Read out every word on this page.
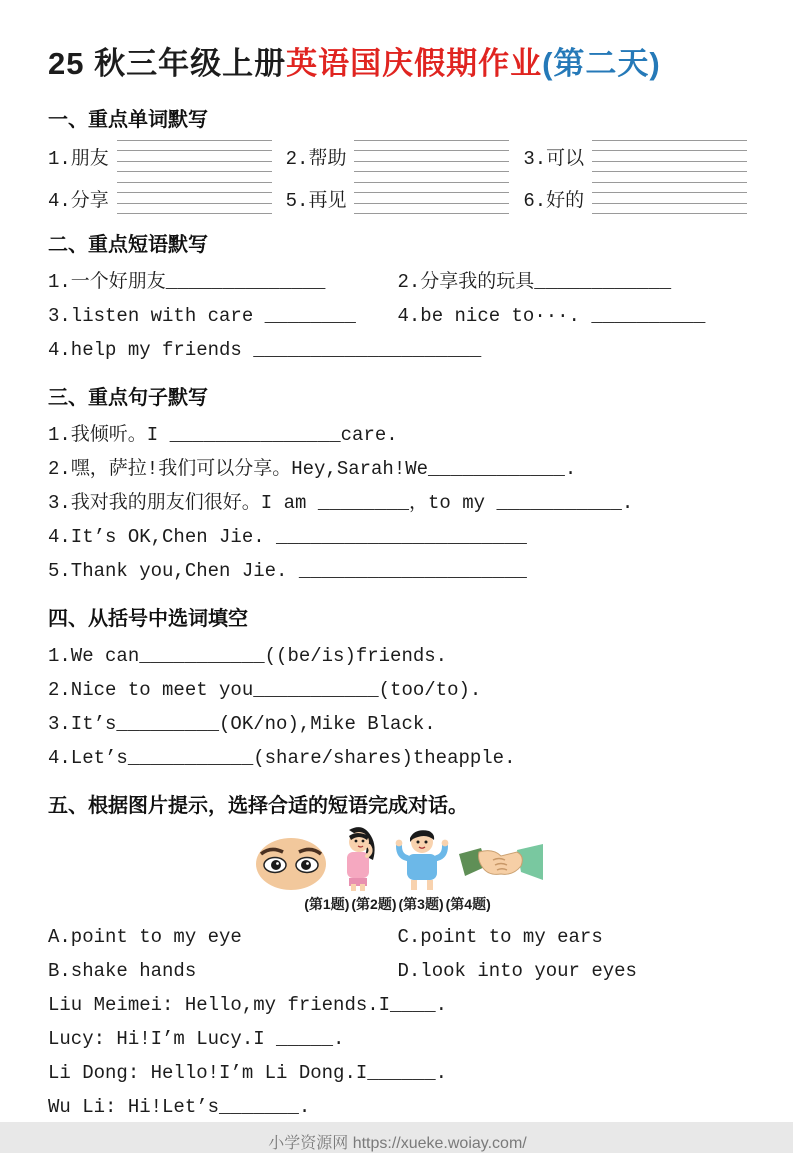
25 秋三年级上册英语国庆假期作业(第二天)
一、重点单词默写
1.朋友	2.帮助	3.可以
4.分享	5.再见	6.好的
二、重点短语默写
1.一个好朋友______________	2.分享我的玩具____________
3.listen with care ________	4.be nice to···. __________
4.help my friends ____________________
三、重点句子默写
1.我倾听。I _______________care.
2.嘿，萨拉!我们可以分享。Hey,Sarah!We____________.
3.我对我的朋友们很好。I am ________，to my ___________.
4.It’s OK,Chen Jie. ______________________
5.Thank you,Chen Jie. ____________________
四、从括号中选词填空
1.We can___________((be/is)friends.
2.Nice to meet you___________(too/to).
3.It’s_________(OK/no),Mike Black.
4.Let’s___________(share/shares)theapple.
五、根据图片提示，选择合适的短语完成对话。
(第1题) (第2题) (第3题) (第4题)
A.point to my eye	C.point to my ears
B.shake hands	D.look into your eyes
Liu Meimei: Hello,my friends.I____.
Lucy: Hi!I’m Lucy.I _____.
Li Dong: Hello!I’m Li Dong.I______.
Wu Li: Hi!Let’s_______.
小学资源网 https://xueke.woiay.com/
